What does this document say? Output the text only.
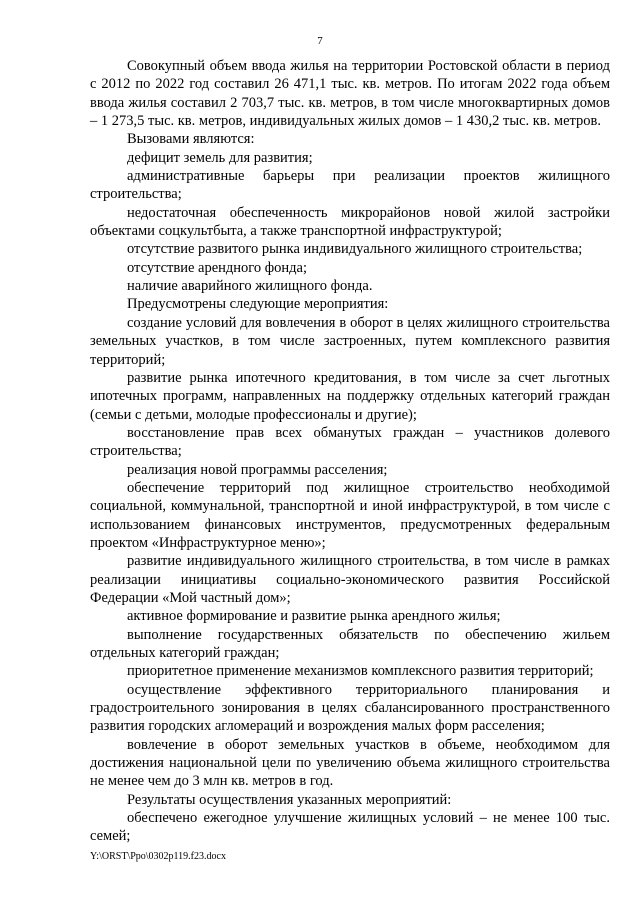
7

Совокупный объем ввода жилья на территории Ростовской области в период с 2012 по 2022 год составил 26 471,1 тыс. кв. метров. По итогам 2022 года объем ввода жилья составил 2 703,7 тыс. кв. метров, в том числе многоквартирных домов – 1 273,5 тыс. кв. метров, индивидуальных жилых домов – 1 430,2 тыс. кв. метров.

Вызовами являются:

дефицит земель для развития;

административные барьеры при реализации проектов жилищного строительства;

недостаточная обеспеченность микрорайонов новой жилой застройки объектами соцкультбыта, а также транспортной инфраструктурой;

отсутствие развитого рынка индивидуального жилищного строительства;

отсутствие арендного фонда;

наличие аварийного жилищного фонда.

Предусмотрены следующие мероприятия:

создание условий для вовлечения в оборот в целях жилищного строительства земельных участков, в том числе застроенных, путем комплексного развития территорий;

развитие рынка ипотечного кредитования, в том числе за счет льготных ипотечных программ, направленных на поддержку отдельных категорий граждан (семьи с детьми, молодые профессионалы и другие);

восстановление прав всех обманутых граждан – участников долевого строительства;

реализация новой программы расселения;

обеспечение территорий под жилищное строительство необходимой социальной, коммунальной, транспортной и иной инфраструктурой, в том числе с использованием финансовых инструментов, предусмотренных федеральным проектом «Инфраструктурное меню»;

развитие индивидуального жилищного строительства, в том числе в рамках реализации инициативы социально-экономического развития Российской Федерации «Мой частный дом»;

активное формирование и развитие рынка арендного жилья;

выполнение государственных обязательств по обеспечению жильем отдельных категорий граждан;

приоритетное применение механизмов комплексного развития территорий;

осуществление эффективного территориального планирования и градостроительного зонирования в целях сбалансированного пространственного развития городских агломераций и возрождения малых форм расселения;

вовлечение в оборот земельных участков в объеме, необходимом для достижения национальной цели по увеличению объема жилищного строительства не менее чем до 3 млн кв. метров в год.

Результаты осуществления указанных мероприятий:

обеспечено ежегодное улучшение жилищных условий – не менее 100 тыс. семей;

Y:\ORST\Ppo\0302p119.f23.docx
